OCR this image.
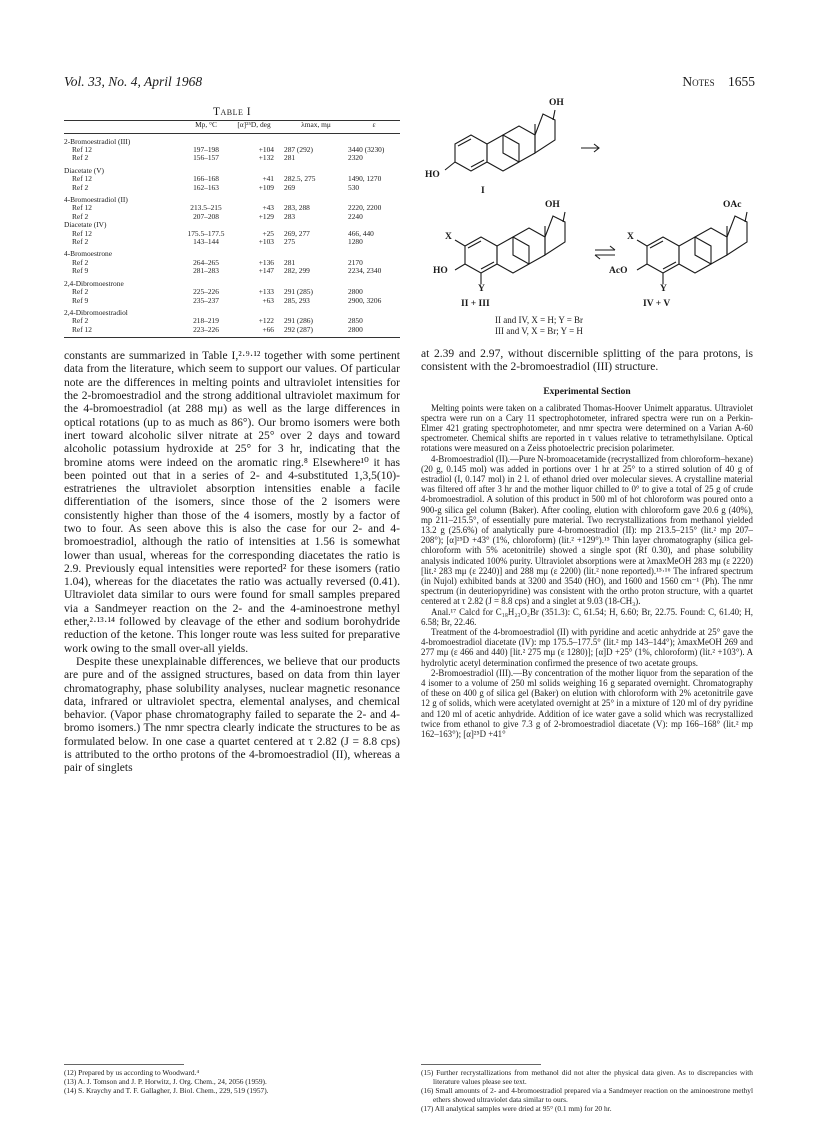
Vol. 33, No. 4, April 1968	Notes 1655
Table I
	Mp, °C	[α]²⁵D, deg	λmax, mμ	ε
2-Bromoestradiol (III)				
Ref 12	197–198	+104	287 (292)	3440 (3230)
Ref 2	156–157	+132	281	2320
Diacetate (V)				
Ref 12	166–168	+41	282.5, 275	1490, 1270
Ref 2	162–163	+109	269	530
4-Bromoestradiol (II)				
Ref 12	213.5–215	+43	283, 288	2220, 2200
Ref 2	207–208	+129	283	2240
Diacetate (IV)				
Ref 12	175.5–177.5	+25	269, 277	466, 440
Ref 2	143–144	+103	275	1280
4-Bromoestrone				
Ref 2	264–265	+136	281	2170
Ref 9	281–283	+147	282, 299	2234, 2340
2,4-Dibromoestrone				
Ref 2	225–226	+133	291 (285)	2800
Ref 9	235–237	+63	285, 293	2900, 3206
2,4-Dibromoestradiol				
Ref 2	218–219	+122	291 (286)	2850
Ref 12	223–226	+66	292 (287)	2800

constants are summarized in Table I,²·⁹·¹² together with some pertinent data from the literature, which seem to support our values. Of particular note are the differences in melting points and ultraviolet intensities for the 2-bromoestradiol and the strong additional ultraviolet maximum for the 4-bromoestradiol (at 288 mμ) as well as the large differences in optical rotations (up to as much as 86°). Our bromo isomers were both inert toward alcoholic silver nitrate at 25° over 2 days and toward alcoholic potassium hydroxide at 25° for 3 hr, indicating that the bromine atoms were indeed on the aromatic ring.⁸ Elsewhere¹⁰ it has been pointed out that in a series of 2- and 4-substituted 1,3,5(10)-estratrienes the ultraviolet absorption intensities enable a facile differentiation of the isomers, since those of the 2 isomers were consistently higher than those of the 4 isomers, mostly by a factor of two to four. As seen above this is also the case for our 2- and 4-bromoestradiol, although the ratio of intensities at 1.56 is somewhat lower than usual, whereas for the corresponding diacetates the ratio is 2.9. Previously equal intensities were reported² for these isomers (ratio 1.04), whereas for the diacetates the ratio was actually reversed (0.41). Ultraviolet data similar to ours were found for small samples prepared via a Sandmeyer reaction on the 2- and the 4-aminoestrone methyl ether,²·¹³·¹⁴ followed by cleavage of the ether and sodium borohydride reduction of the ketone. This longer route was less suited for preparative work owing to the small over-all yields.

Despite these unexplainable differences, we believe that our products are pure and of the assigned structures, based on data from thin layer chromatography, phase solubility analyses, nuclear magnetic resonance data, infrared or ultraviolet spectra, elemental analyses, and chemical behavior. (Vapor phase chromatography failed to separate the 2- and 4-bromo isomers.) The nmr spectra clearly indicate the structures to be as formulated below. In one case a quartet centered at τ 2.82 (J = 8.8 cps) is attributed to the ortho protons of the 4-bromoestradiol (II), whereas a pair of singlets

(12) Prepared by us according to Woodward.⁴
(13) A. J. Tomson and J. P. Horwitz, J. Org. Chem., 24, 2056 (1959).
(14) S. Kraychy and T. F. Gallagher, J. Biol. Chem., 229, 519 (1957).
OH
HO
I
OH	OAc
X	X
HO	AcO
Y	Y
II + III	IV + V
II and IV, X = H; Y = Br
III and V, X = Br; Y = H

at 2.39 and 2.97, without discernible splitting of the para protons, is consistent with the 2-bromoestradiol (III) structure.

Experimental Section

Melting points were taken on a calibrated Thomas-Hoover Unimelt apparatus. Ultraviolet spectra were run on a Cary 11 spectrophotometer, infrared spectra were run on a Perkin-Elmer 421 grating spectrophotometer, and nmr spectra were determined on a Varian A-60 spectrometer. Chemical shifts are reported in τ values relative to tetramethylsilane. Optical rotations were measured on a Zeiss photoelectric precision polarimeter.

4-Bromoestradiol (II).—Pure N-bromoacetamide (recrystallized from chloroform–hexane) (20 g, 0.145 mol) was added in portions over 1 hr at 25° to a stirred solution of 40 g of estradiol (I, 0.147 mol) in 2 l. of ethanol dried over molecular sieves. A crystalline material was filtered off after 3 hr and the mother liquor chilled to 0° to give a total of 25 g of crude 4-bromoestradiol. A solution of this product in 500 ml of hot chloroform was poured onto a 900-g silica gel column (Baker). After cooling, elution with chloroform gave 20.6 g (40%), mp 211–215.5°, of essentially pure material. Two recrystallizations from methanol yielded 13.2 g (25.6%) of analytically pure 4-bromoestradiol (II): mp 213.5–215° (lit.² mp 207–208°); [α]²⁵D +43° (1%, chloroform) (lit.² +129°).¹⁵ Thin layer chromatography (silica gel-chloroform with 5% acetonitrile) showed a single spot (Rf 0.30), and phase solubility analysis indicated 100% purity. Ultraviolet absorptions were at λmaxMeOH 283 mμ (ε 2220) [lit.² 283 mμ (ε 2240)] and 288 mμ (ε 2200) (lit.² none reported).¹⁵·¹⁶ The infrared spectrum (in Nujol) exhibited bands at 3200 and 3540 (HO), and 1600 and 1560 cm⁻¹ (Ph). The nmr spectrum (in deuteriopyridine) was consistent with the ortho proton structure, with a quartet centered at τ 2.82 (J = 8.8 cps) and a singlet at 9.03 (18-CH₃).

Anal.¹⁷ Calcd for C₁₈H₂₃O₂Br (351.3): C, 61.54; H, 6.60; Br, 22.75. Found: C, 61.40; H, 6.58; Br, 22.46.

Treatment of the 4-bromoestradiol (II) with pyridine and acetic anhydride at 25° gave the 4-bromoestradiol diacetate (IV): mp 175.5–177.5° (lit.² mp 143–144°); λmaxMeOH 269 and 277 mμ (ε 466 and 440) [lit.² 275 mμ (ε 1280)]; [α]D +25° (1%, chloroform) (lit.² +103°). A hydrolytic acetyl determination confirmed the presence of two acetate groups.

2-Bromoestradiol (III).—By concentration of the mother liquor from the separation of the 4 isomer to a volume of 250 ml solids weighing 16 g separated overnight. Chromatography of these on 400 g of silica gel (Baker) on elution with chloroform with 2% acetonitrile gave 12 g of solids, which were acetylated overnight at 25° in a mixture of 120 ml of dry pyridine and 120 ml of acetic anhydride. Addition of ice water gave a solid which was recrystallized twice from ethanol to give 7.3 g of 2-bromoestradiol diacetate (V): mp 166–168° (lit.² mp 162–163°); [α]²⁵D +41°

(15) Further recrystallizations from methanol did not alter the physical data given. As to discrepancies with literature values please see text.
(16) Small amounts of 2- and 4-bromoestradiol prepared via a Sandmeyer reaction on the aminoestrone methyl ethers showed ultraviolet data similar to ours.
(17) All analytical samples were dried at 95° (0.1 mm) for 20 hr.
